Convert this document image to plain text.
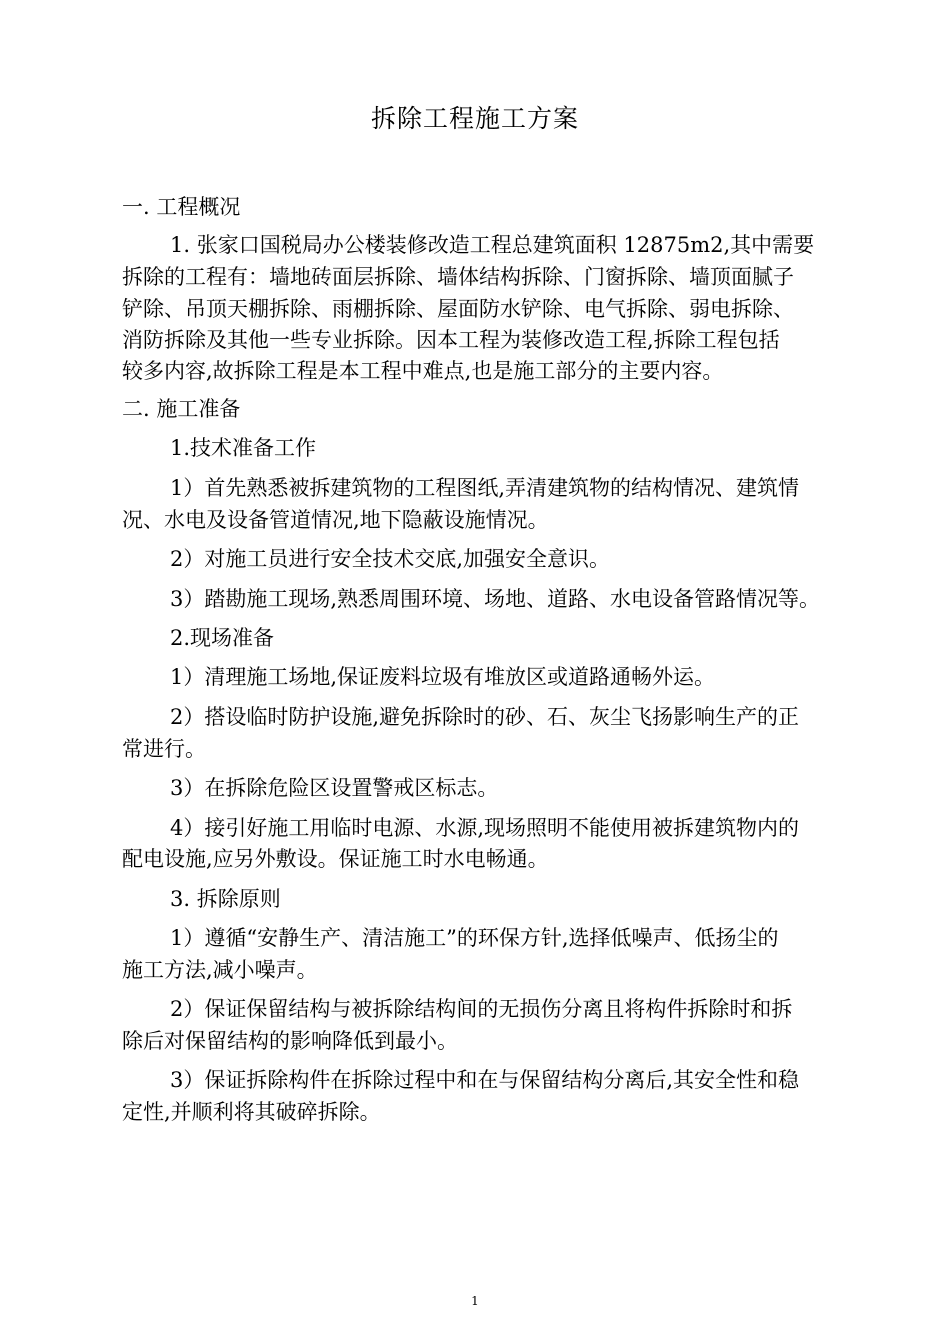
拆除工程施工方案
一. 工程概况
1. 张家口国税局办公楼装修改造工程总建筑面积 12875m2,其中需要
拆除的工程有：墙地砖面层拆除、墙体结构拆除、门窗拆除、墙顶面腻子
铲除、吊顶天棚拆除、雨棚拆除、屋面防水铲除、电气拆除、弱电拆除、
消防拆除及其他一些专业拆除。因本工程为装修改造工程,拆除工程包括
较多内容,故拆除工程是本工程中难点,也是施工部分的主要内容。
二. 施工准备
1.技术准备工作
1）首先熟悉被拆建筑物的工程图纸,弄清建筑物的结构情况、建筑情
况、水电及设备管道情况,地下隐蔽设施情况。
2）对施工员进行安全技术交底,加强安全意识。
3）踏勘施工现场,熟悉周围环境、场地、道路、水电设备管路情况等。
2.现场准备
1）清理施工场地,保证废料垃圾有堆放区或道路通畅外运。
2）搭设临时防护设施,避免拆除时的砂、石、灰尘飞扬影响生产的正
常进行。
3）在拆除危险区设置警戒区标志。
4）接引好施工用临时电源、水源,现场照明不能使用被拆建筑物内的
配电设施,应另外敷设。保证施工时水电畅通。
3. 拆除原则
1）遵循“安静生产、清洁施工”的环保方针,选择低噪声、低扬尘的
施工方法,减小噪声。
2）保证保留结构与被拆除结构间的无损伤分离且将构件拆除时和拆
除后对保留结构的影响降低到最小。
3）保证拆除构件在拆除过程中和在与保留结构分离后,其安全性和稳
定性,并顺利将其破碎拆除。
1
